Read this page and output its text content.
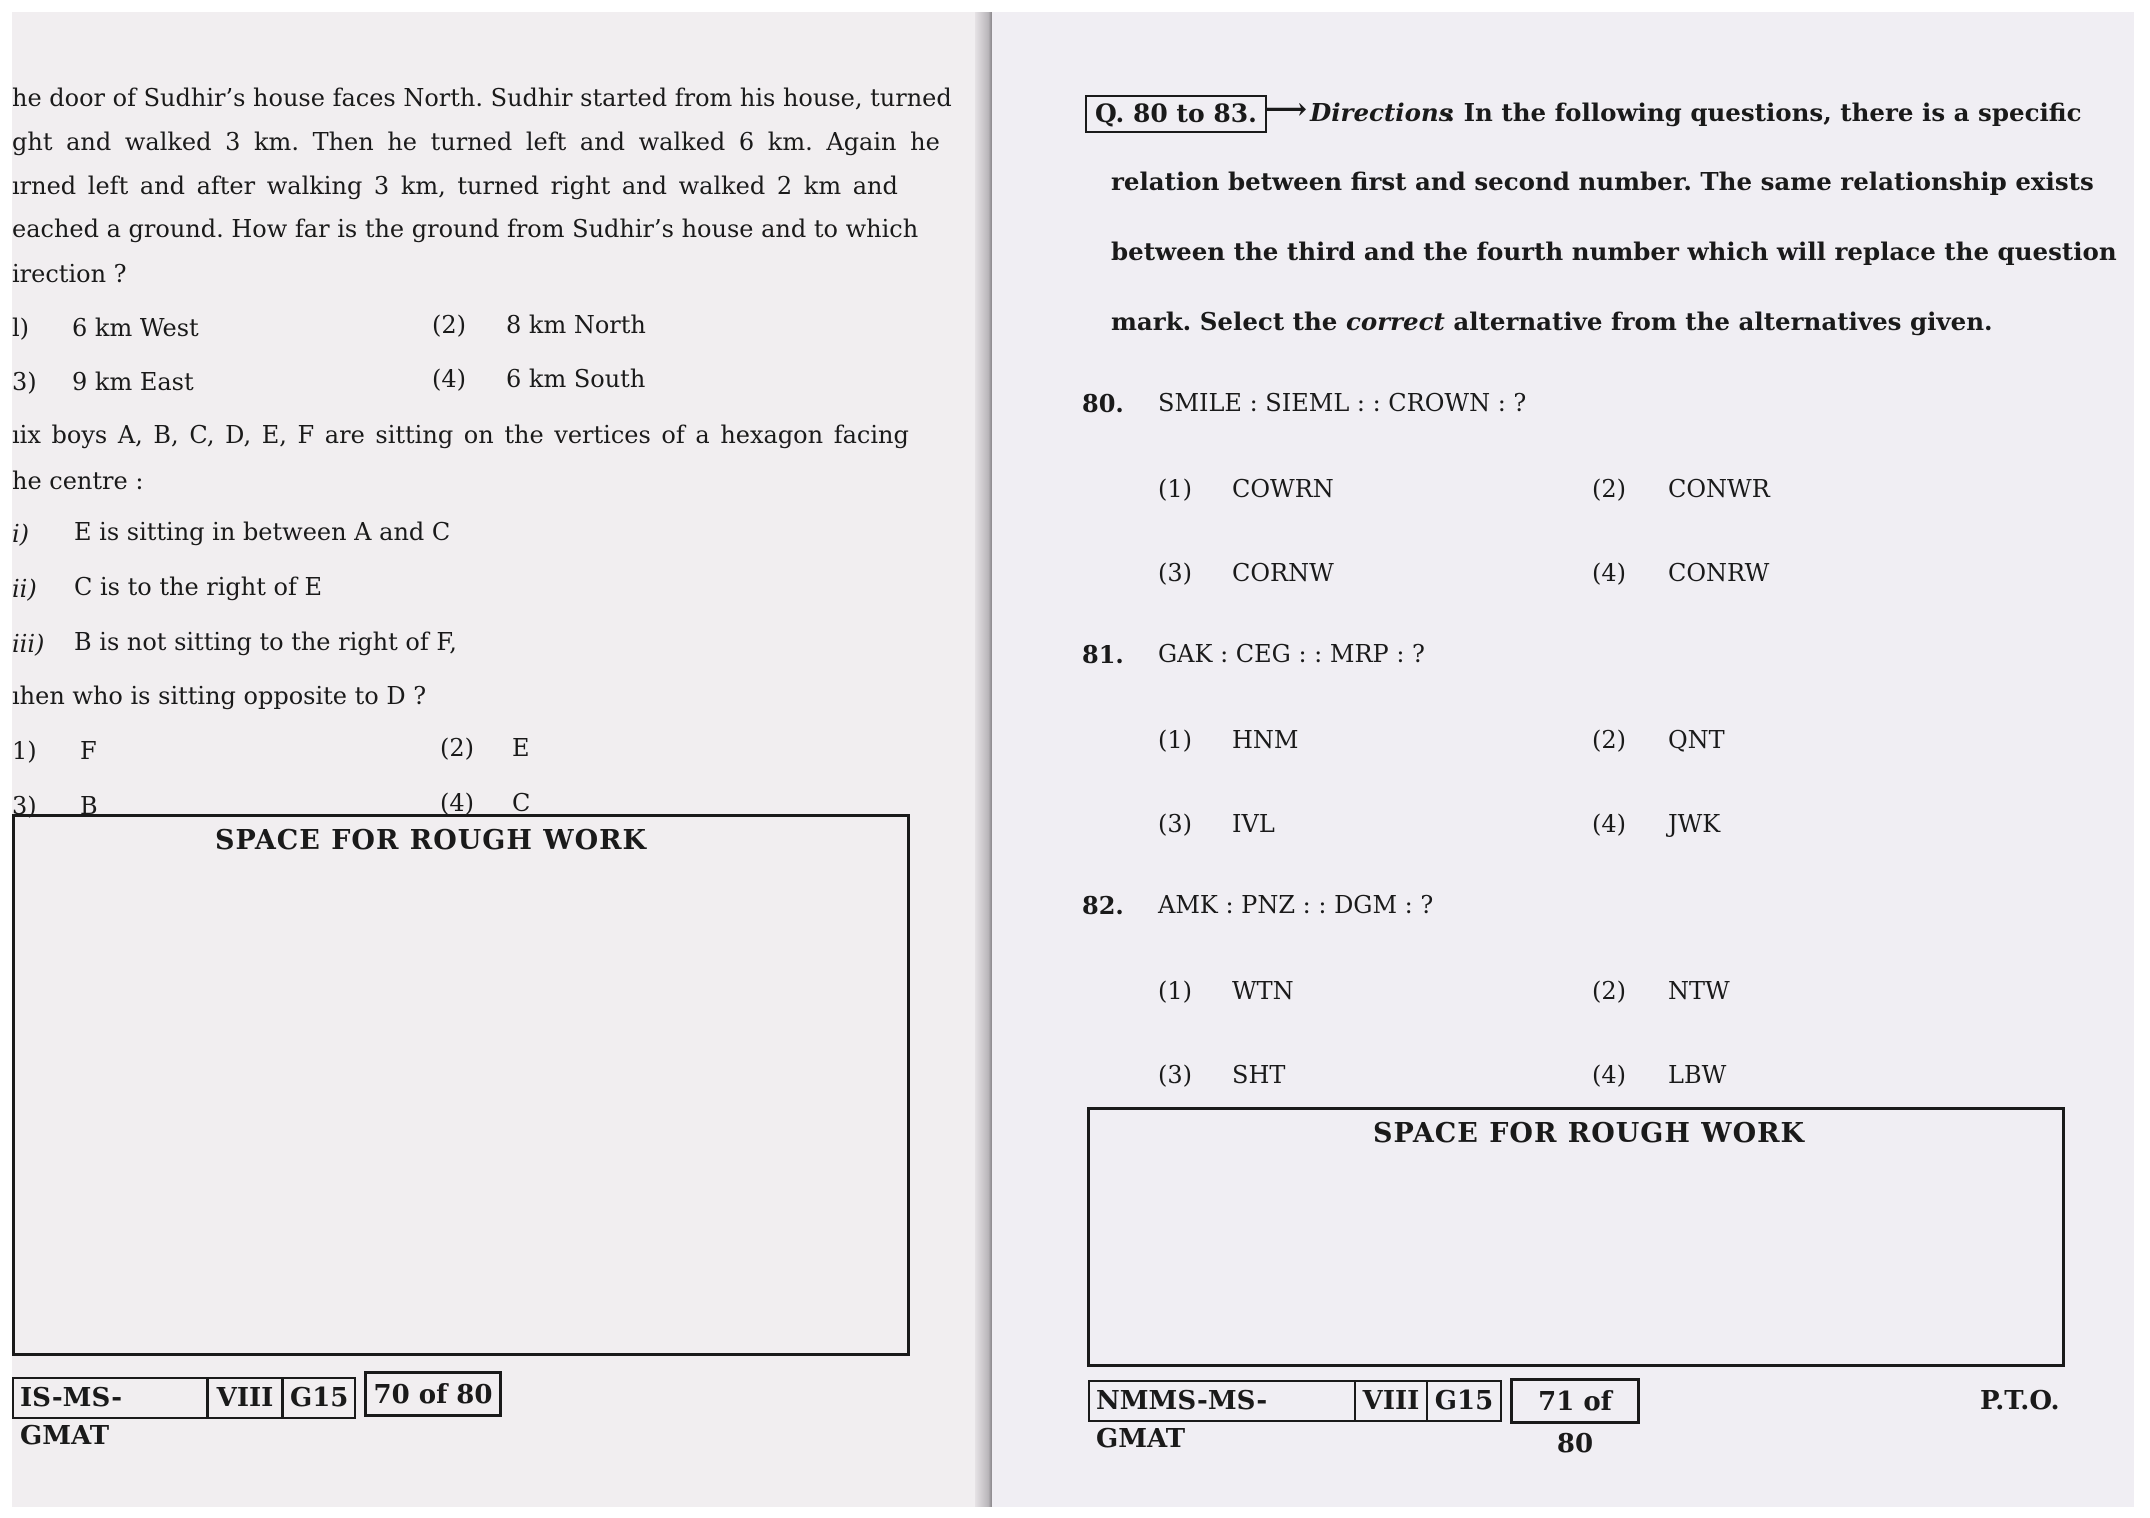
he door of Sudhir’s house faces North. Sudhir started from his house, turned
ght and walked 3 km. Then he turned left and walked 6 km. Again he
ırned left and after walking 3 km, turned right and walked 2 km and
eached a ground. How far is the ground from Sudhir’s house and to which
irection ?
l) 6 km West	(2) 8 km North
3) 9 km East	(4) 6 km South
ıix boys A, B, C, D, E, F are sitting on the vertices of a hexagon facing
he centre :
i) E is sitting in between A and C
ii) C is to the right of E
iii) B is not sitting to the right of F,
ıhen who is sitting opposite to D ?
1) F	(2) E
3) B	(4) C
SPACE FOR ROUGH WORK
IS-MS-GMAT
VIII G15 70 of 80
Q. 80 to 83. ⟶ Directions
: In the following questions, there is a specific
relation between first and second number. The same relationship exists
between the third and the fourth number which will replace the question
mark. Select the correct alternative from the alternatives given.
80. SMILE : SIEML : : CROWN : ?
(1) COWRN	(2) CONWR
(3) CORNW	(4) CONRW
81. GAK : CEG : : MRP : ?
(1) HNM	(2) QNT
(3) IVL	(4) JWK
82. AMK : PNZ : : DGM : ?
(1) WTN	(2) NTW
(3) SHT	(4) LBW
SPACE FOR ROUGH WORK
NMMS-MS-GMAT
VIII G15	71 of 80
P.T.O.
